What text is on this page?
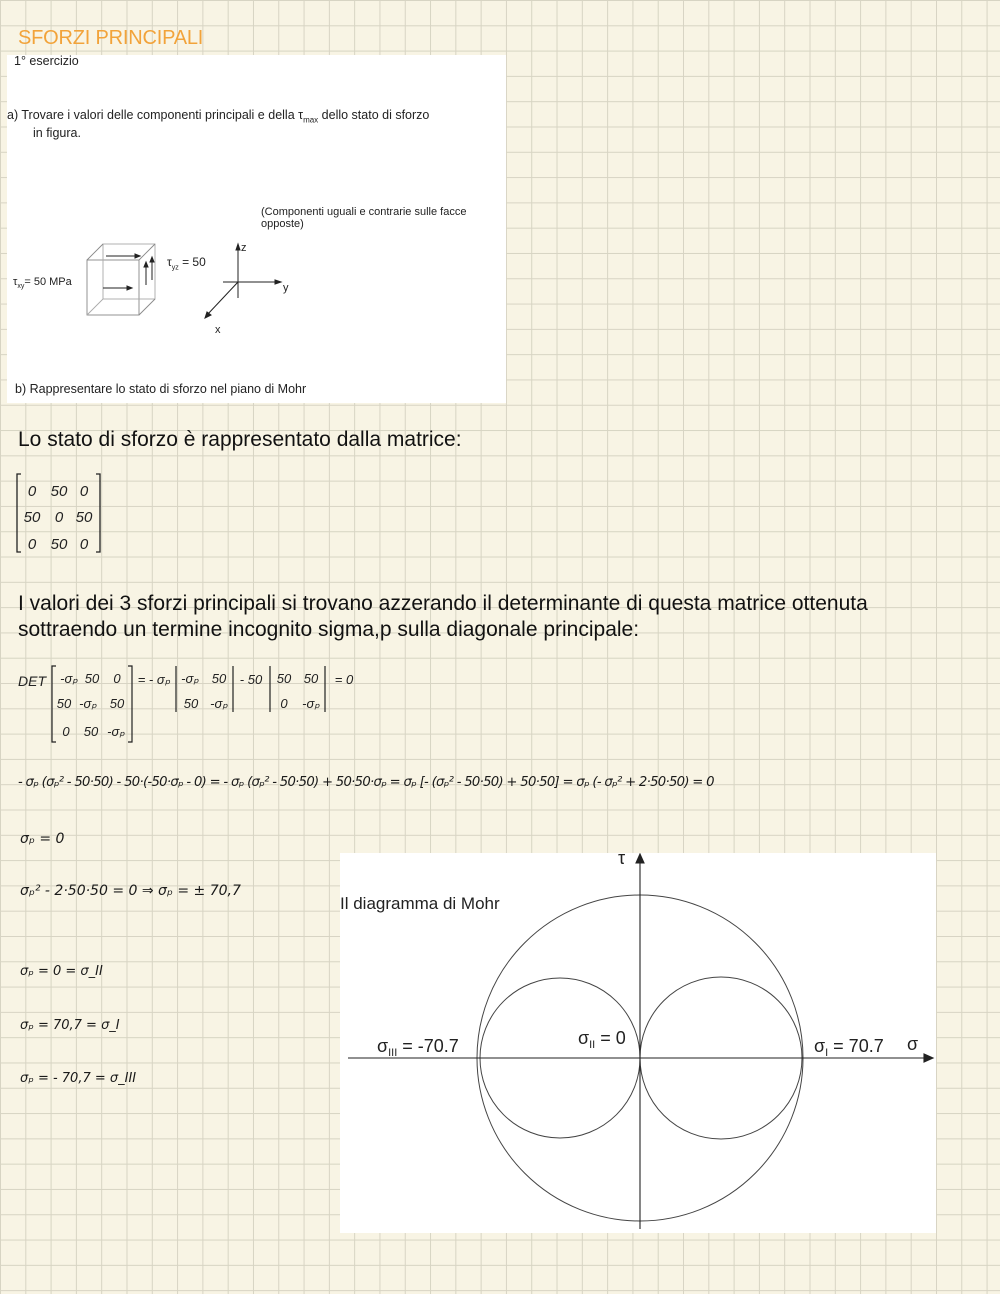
SFORZI PRINCIPALI
1° esercizio
a) Trovare i valori delle componenti principali e della $\tau_{max}$ dello stato di sforzo
in figura.
(Componenti uguali e contrarie sulle facce opposte)
$\tau_{xy}= 50$ MPa
$\tau_{yz} = 50$
z
y
x
b) Rappresentare lo stato di sforzo nel piano di Mohr
Lo stato di sforzo è rappresentato dalla matrice:
0 50 0
50 0 50
0 50 0
I valori dei 3 sforzi principali si trovano azzerando il determinante di questa matrice ottenuta
sottraendo un termine incognito sigma,p sulla diagonale principale:
DET -σₚ 50 0
50 -σₚ 50
0 50 -σₚ
= - σₚ -σₚ 50
50 -σₚ
- 50 50 50
0 -σₚ
= 0
- σₚ (σₚ² - 50·50) - 50·(-50·σₚ - 0) = - σₚ (σₚ² - 50·50) + 50·50·σₚ = σₚ [- (σₚ² - 50·50) + 50·50] = σₚ (- σₚ² + 2·50·50) = 0
σₚ = 0
σₚ² - 2·50·50 = 0 ⇒ σₚ = ± 70,7
σₚ = 0 = σ_II
σₚ = 70,7 = σ_I
σₚ = - 70,7 = σ_III
τ
σ
$\sigma_{III} = -70.7$	$\sigma_{II} = 0$	$\sigma_I = 70.7$
Il diagramma di Mohr
